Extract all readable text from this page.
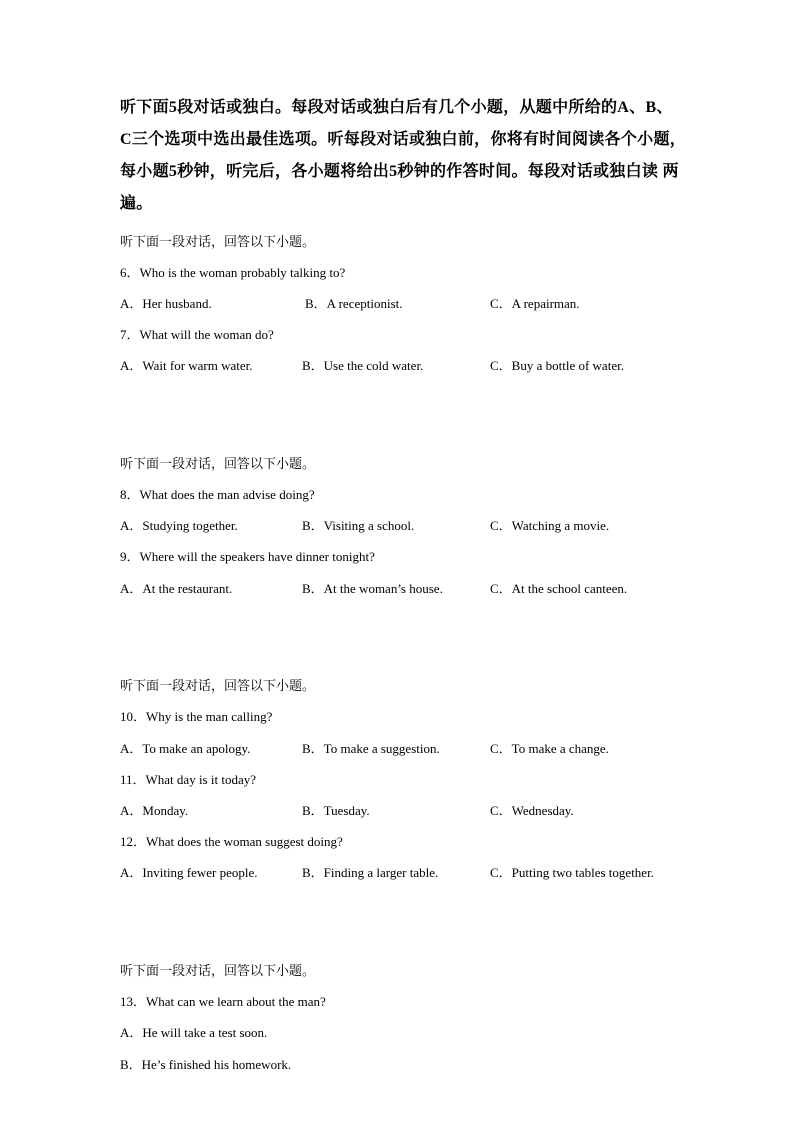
听下面5段对话或独白。每段对话或独白后有几个小题，从题中所给的A、B、

C三个选项中选出最佳选项。听每段对话或独白前，你将有时间阅读各个小题，

每小题5秒钟，听完后，各小题将给出5秒钟的作答时间。每段对话或独白读 两

遍。

听下面一段对话，回答以下小题。
6．Who is the woman probably talking to?
A．Her husband.	B．A receptionist.	C．A repairman.
7．What will the woman do?
A．Wait for warm water.	B．Use the cold water.	C．Buy a bottle of water.
听下面一段对话，回答以下小题。
8．What does the man advise doing?
A．Studying together.	B．Visiting a school.	C．Watching a movie.
9．Where will the speakers have dinner tonight?
A．At the restaurant.	B．At the woman’s house.	C．At the school canteen.
听下面一段对话，回答以下小题。
10．Why is the man calling?
A．To make an apology.	B．To make a suggestion.	C．To make a change.
11．What day is it today?
A．Monday.	B．Tuesday.	C．Wednesday.
12．What does the woman suggest doing?
A．Inviting fewer people.	B．Finding a larger table.	C．Putting two tables together.
听下面一段对话，回答以下小题。
13．What can we learn about the man?
A．He will take a test soon.
B．He’s finished his homework.
